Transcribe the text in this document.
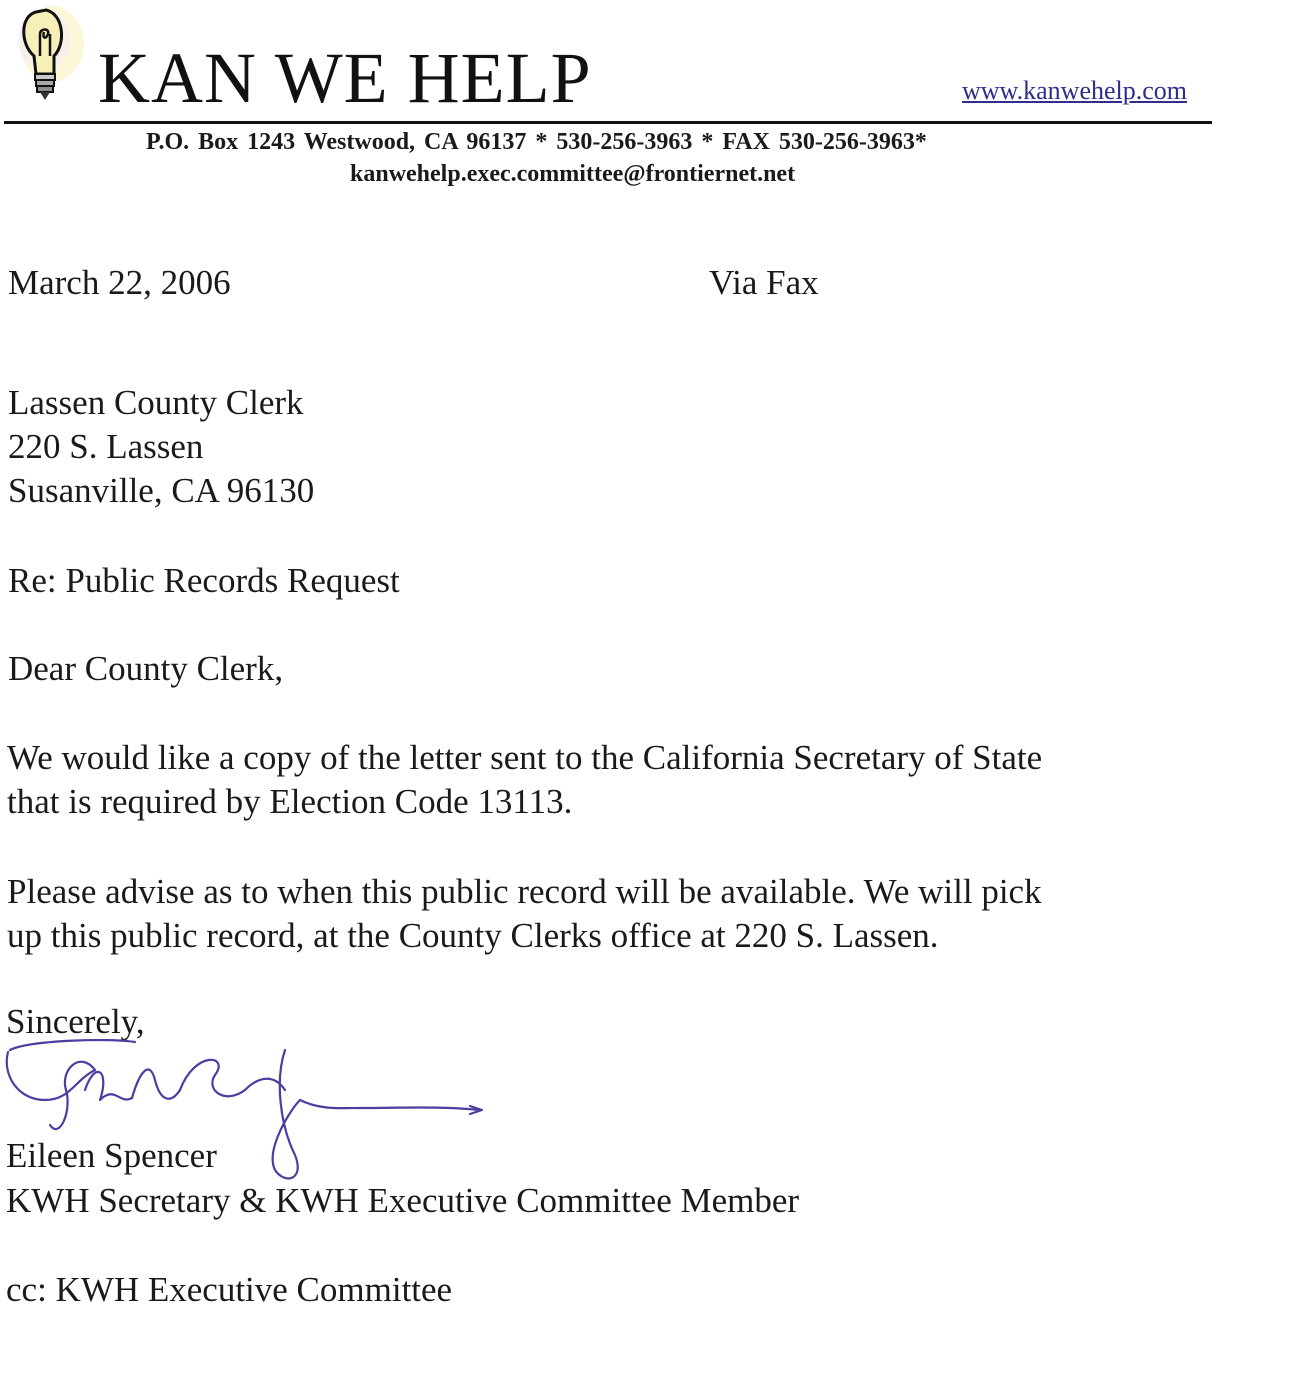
KAN WE HELP	www.kanwehelp.com
P.O. Box 1243 Westwood, CA 96137 * 530-256-3963 * FAX 530-256-3963*
kanwehelp.exec.committee@frontiernet.net
March 22, 2006	Via Fax
Lassen County Clerk
220 S. Lassen
Susanville, CA 96130
Re: Public Records Request
Dear County Clerk,
We would like a copy of the letter sent to the California Secretary of State
that is required by Election Code 13113.
Please advise as to when this public record will be available. We will pick
up this public record, at the County Clerks office at 220 S. Lassen.
Sincerely,
Eileen Spencer
KWH Secretary & KWH Executive Committee Member
cc: KWH Executive Committee
